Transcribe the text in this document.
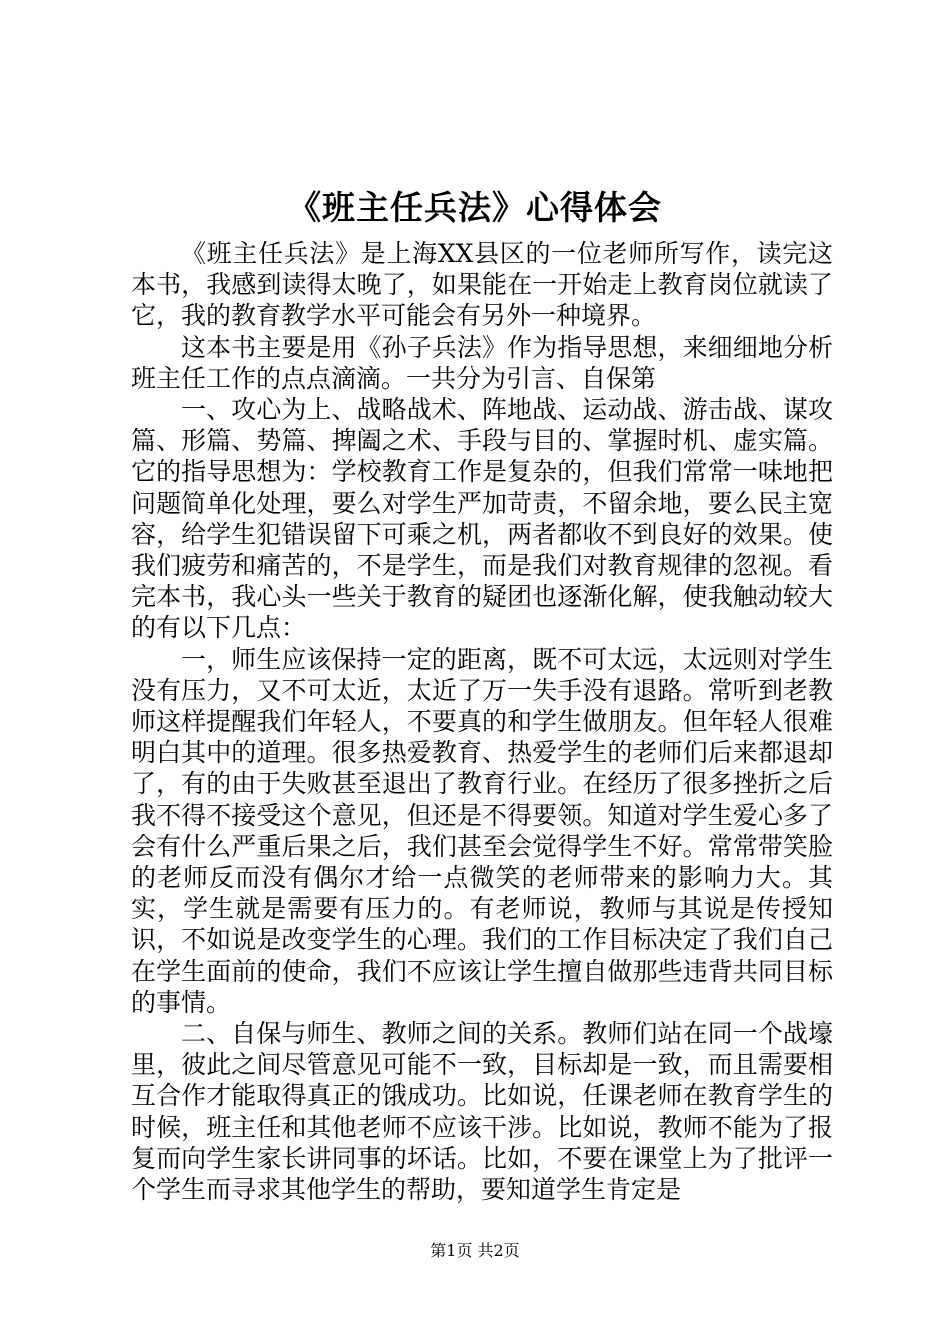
《班主任兵法》心得体会

《班主任兵法》是上海XX县区的一位老师所写作，读完这本书，我感到读得太晚了，如果能在一开始走上教育岗位就读了它，我的教育教学水平可能会有另外一种境界。

这本书主要是用《孙子兵法》作为指导思想，来细细地分析班主任工作的点点滴滴。一共分为引言、自保第

一、攻心为上、战略战术、阵地战、运动战、游击战、谋攻篇、形篇、势篇、捭阖之术、手段与目的、掌握时机、虚实篇。它的指导思想为：学校教育工作是复杂的，但我们常常一味地把问题简单化处理，要么对学生严加苛责，不留余地，要么民主宽容，给学生犯错误留下可乘之机，两者都收不到良好的效果。使我们疲劳和痛苦的，不是学生，而是我们对教育规律的忽视。看完本书，我心头一些关于教育的疑团也逐渐化解，使我触动较大的有以下几点：

一，师生应该保持一定的距离，既不可太远，太远则对学生没有压力，又不可太近，太近了万一失手没有退路。常听到老教师这样提醒我们年轻人，不要真的和学生做朋友。但年轻人很难明白其中的道理。很多热爱教育、热爱学生的老师们后来都退却了，有的由于失败甚至退出了教育行业。在经历了很多挫折之后我不得不接受这个意见，但还是不得要领。知道对学生爱心多了会有什么严重后果之后，我们甚至会觉得学生不好。常常带笑脸的老师反而没有偶尔才给一点微笑的老师带来的影响力大。其实，学生就是需要有压力的。有老师说，教师与其说是传授知识，不如说是改变学生的心理。我们的工作目标决定了我们自己在学生面前的使命，我们不应该让学生擅自做那些违背共同目标的事情。

二、自保与师生、教师之间的关系。教师们站在同一个战壕里，彼此之间尽管意见可能不一致，目标却是一致，而且需要相互合作才能取得真正的饿成功。比如说，任课老师在教育学生的时候，班主任和其他老师不应该干涉。比如说，教师不能为了报复而向学生家长讲同事的坏话。比如，不要在课堂上为了批评一个学生而寻求其他学生的帮助，要知道学生肯定是

第1页 共2页
